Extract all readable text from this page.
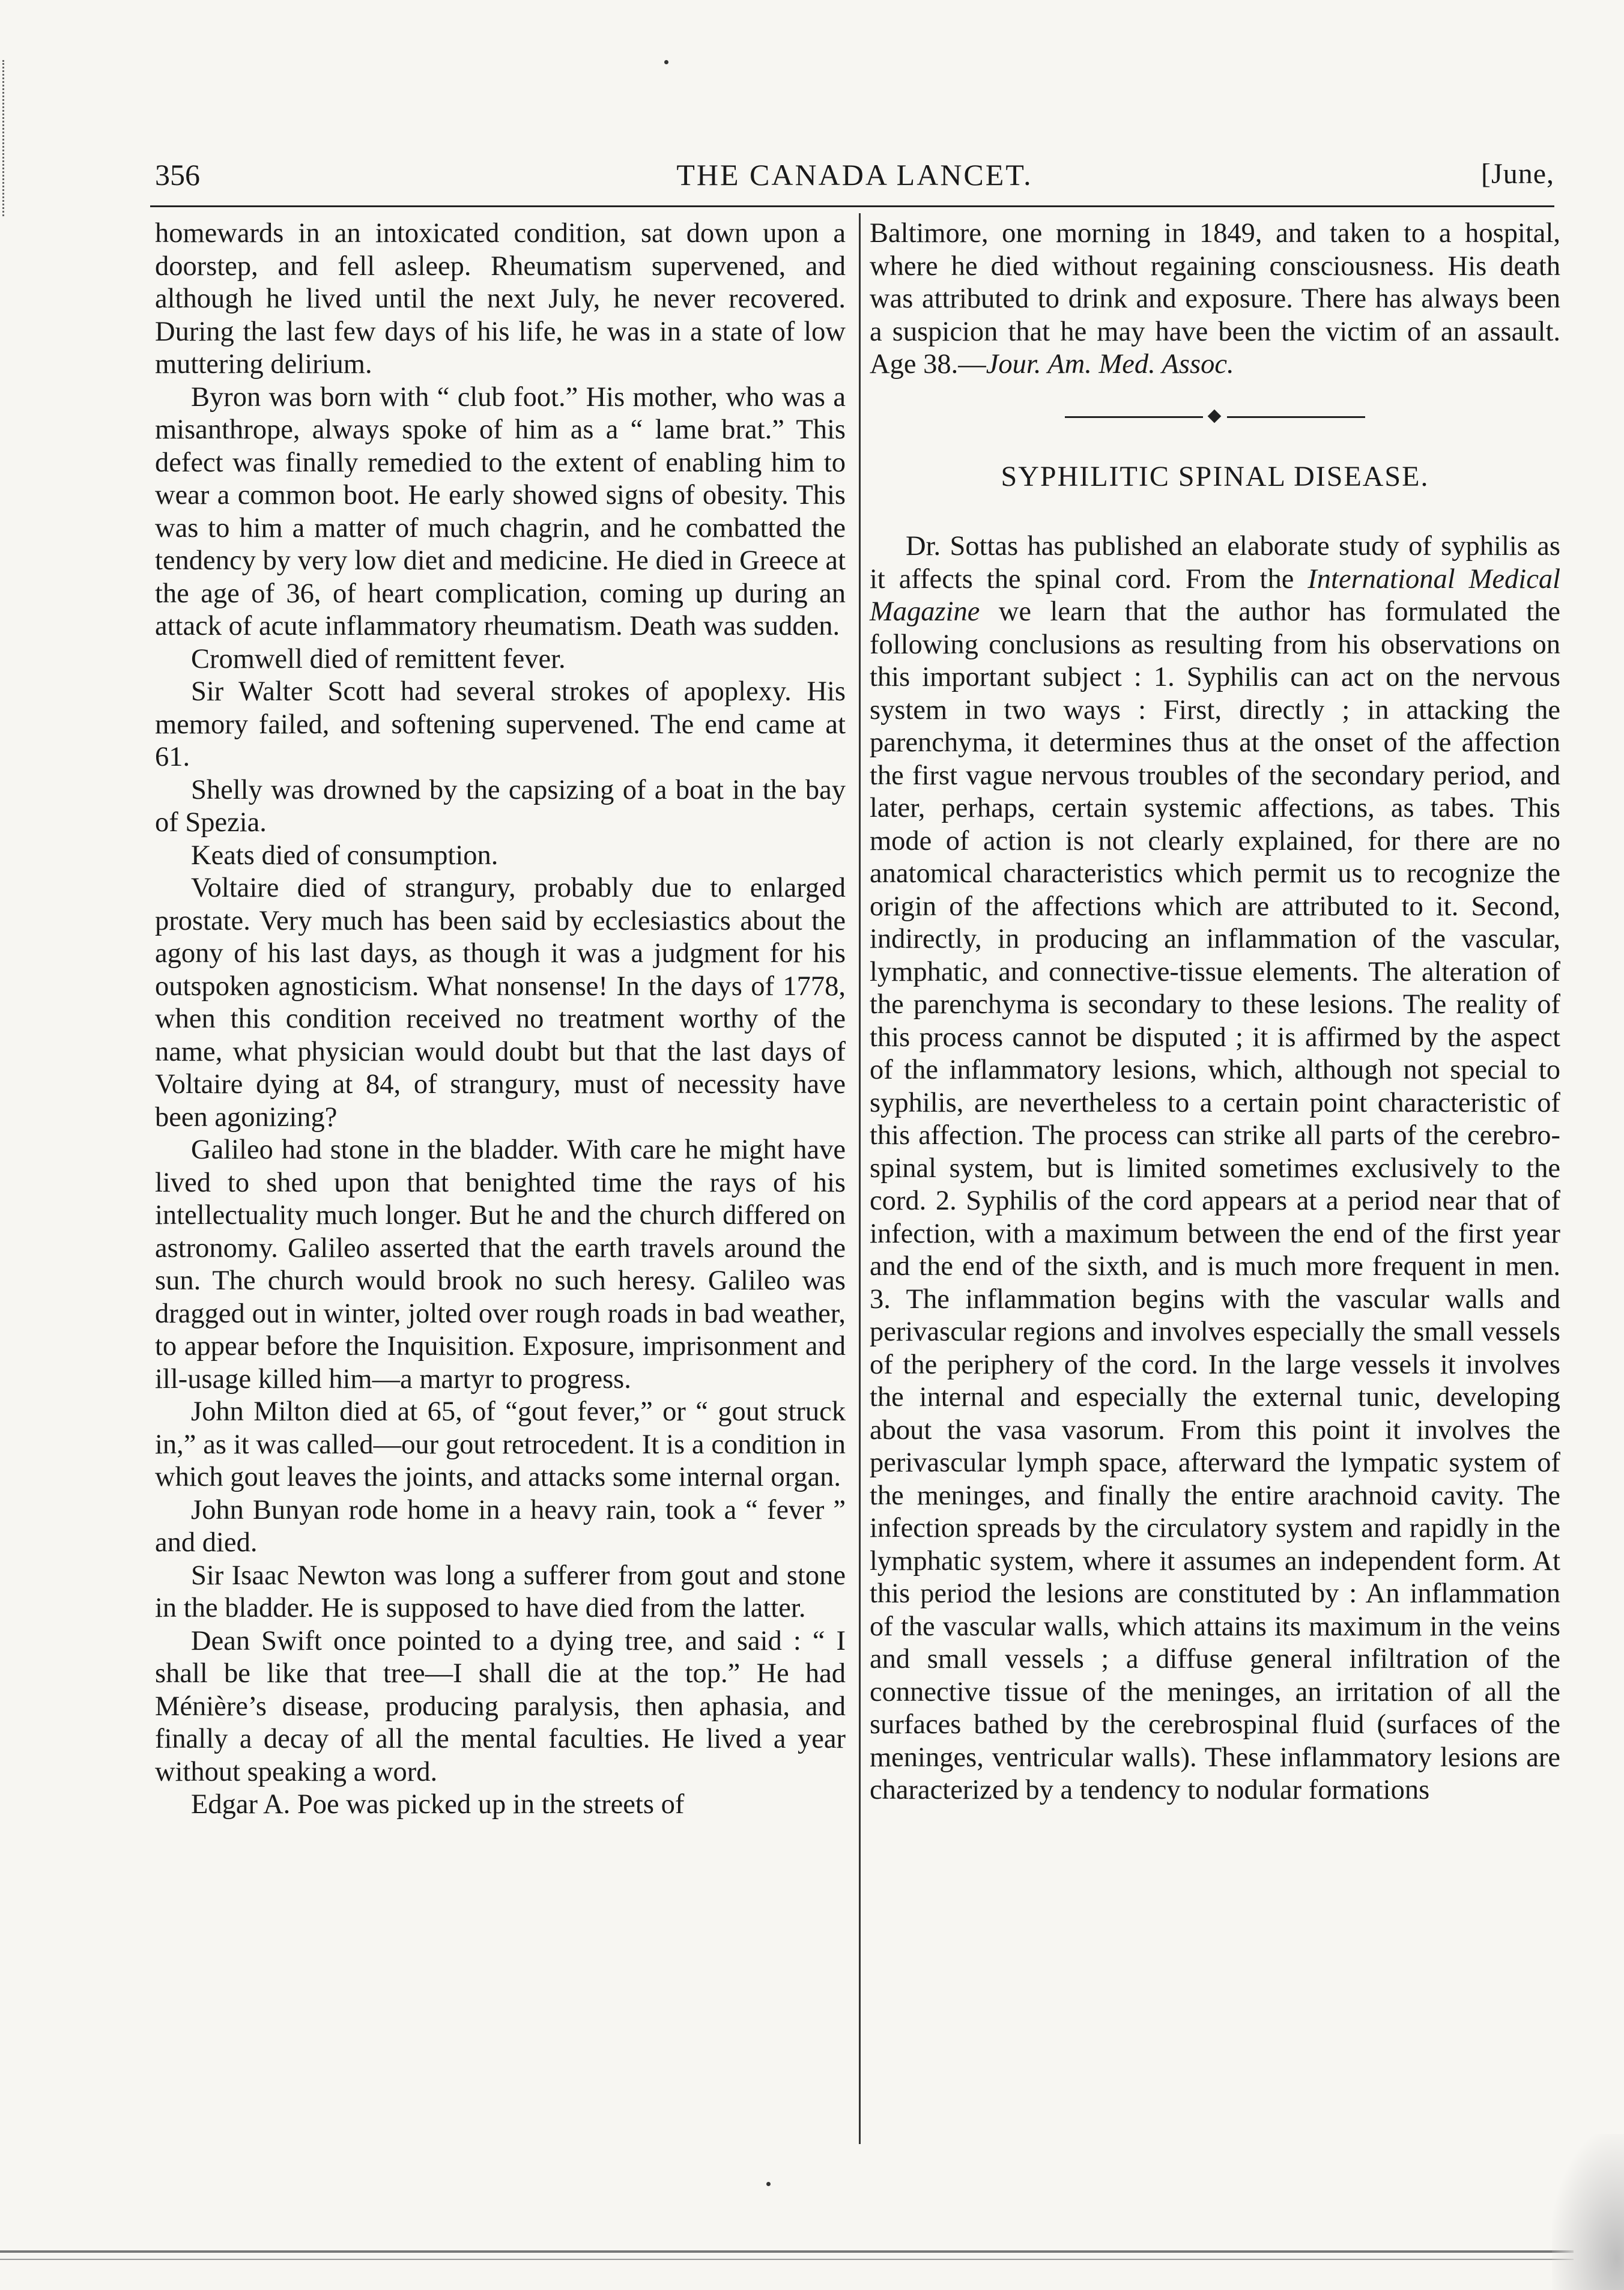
356	THE CANADA LANCET.	[June,

homewards in an intoxicated condition, sat down upon a doorstep, and fell asleep. Rheumatism supervened, and although he lived until the next July, he never recovered. During the last few days of his life, he was in a state of low muttering delirium.

Byron was born with “ club foot.” His mother, who was a misanthrope, always spoke of him as a “ lame brat.” This defect was finally remedied to the extent of enabling him to wear a common boot. He early showed signs of obesity. This was to him a matter of much chagrin, and he combatted the tendency by very low diet and medicine. He died in Greece at the age of 36, of heart complication, coming up during an attack of acute inflammatory rheumatism. Death was sudden.

Cromwell died of remittent fever.

Sir Walter Scott had several strokes of apoplexy. His memory failed, and softening supervened. The end came at 61.

Shelly was drowned by the capsizing of a boat in the bay of Spezia.

Keats died of consumption.

Voltaire died of strangury, probably due to enlarged prostate. Very much has been said by ecclesiastics about the agony of his last days, as though it was a judgment for his outspoken agnosticism. What nonsense! In the days of 1778, when this condition received no treatment worthy of the name, what physician would doubt but that the last days of Voltaire dying at 84, of strangury, must of necessity have been agonizing?

Galileo had stone in the bladder. With care he might have lived to shed upon that benighted time the rays of his intellectuality much longer. But he and the church differed on astronomy. Galileo asserted that the earth travels around the sun. The church would brook no such heresy. Galileo was dragged out in winter, jolted over rough roads in bad weather, to appear before the Inquisition. Exposure, imprisonment and ill-usage killed him—a martyr to progress.

John Milton died at 65, of “gout fever,” or “ gout struck in,” as it was called—our gout retrocedent. It is a condition in which gout leaves the joints, and attacks some internal organ.

John Bunyan rode home in a heavy rain, took a “ fever ” and died.

Sir Isaac Newton was long a sufferer from gout and stone in the bladder. He is supposed to have died from the latter.

Dean Swift once pointed to a dying tree, and said : “ I shall be like that tree—I shall die at the top.” He had Ménière’s disease, producing paralysis, then aphasia, and finally a decay of all the mental faculties. He lived a year without speaking a word.

Edgar A. Poe was picked up in the streets of

Baltimore, one morning in 1849, and taken to a hospital, where he died without regaining consciousness. His death was attributed to drink and exposure. There has always been a suspicion that he may have been the victim of an assault. Age 38.—Jour. Am. Med. Assoc.

SYPHILITIC SPINAL DISEASE.

Dr. Sottas has published an elaborate study of syphilis as it affects the spinal cord. From the International Medical Magazine we learn that the author has formulated the following conclusions as resulting from his observations on this important subject : 1. Syphilis can act on the nervous system in two ways : First, directly ; in attacking the parenchyma, it determines thus at the onset of the affection the first vague nervous troubles of the secondary period, and later, perhaps, certain systemic affections, as tabes. This mode of action is not clearly explained, for there are no anatomical characteristics which permit us to recognize the origin of the affections which are attributed to it. Second, indirectly, in producing an inflammation of the vascular, lymphatic, and connective-tissue elements. The alteration of the parenchyma is secondary to these lesions. The reality of this process cannot be disputed ; it is affirmed by the aspect of the inflammatory lesions, which, although not special to syphilis, are nevertheless to a certain point characteristic of this affection. The process can strike all parts of the cerebro-spinal system, but is limited sometimes exclusively to the cord. 2. Syphilis of the cord appears at a period near that of infection, with a maximum between the end of the first year and the end of the sixth, and is much more frequent in men. 3. The inflammation begins with the vascular walls and perivascular regions and involves especially the small vessels of the periphery of the cord. In the large vessels it involves the internal and especially the external tunic, developing about the vasa vasorum. From this point it involves the perivascular lymph space, afterward the lympatic system of the meninges, and finally the entire arachnoid cavity. The infection spreads by the circulatory system and rapidly in the lymphatic system, where it assumes an independent form. At this period the lesions are constituted by : An inflammation of the vascular walls, which attains its maximum in the veins and small vessels ; a diffuse general infiltration of the connective tissue of the meninges, an irritation of all the surfaces bathed by the cerebrospinal fluid (surfaces of the meninges, ventricular walls). These inflammatory lesions are characterized by a tendency to nodular formations
